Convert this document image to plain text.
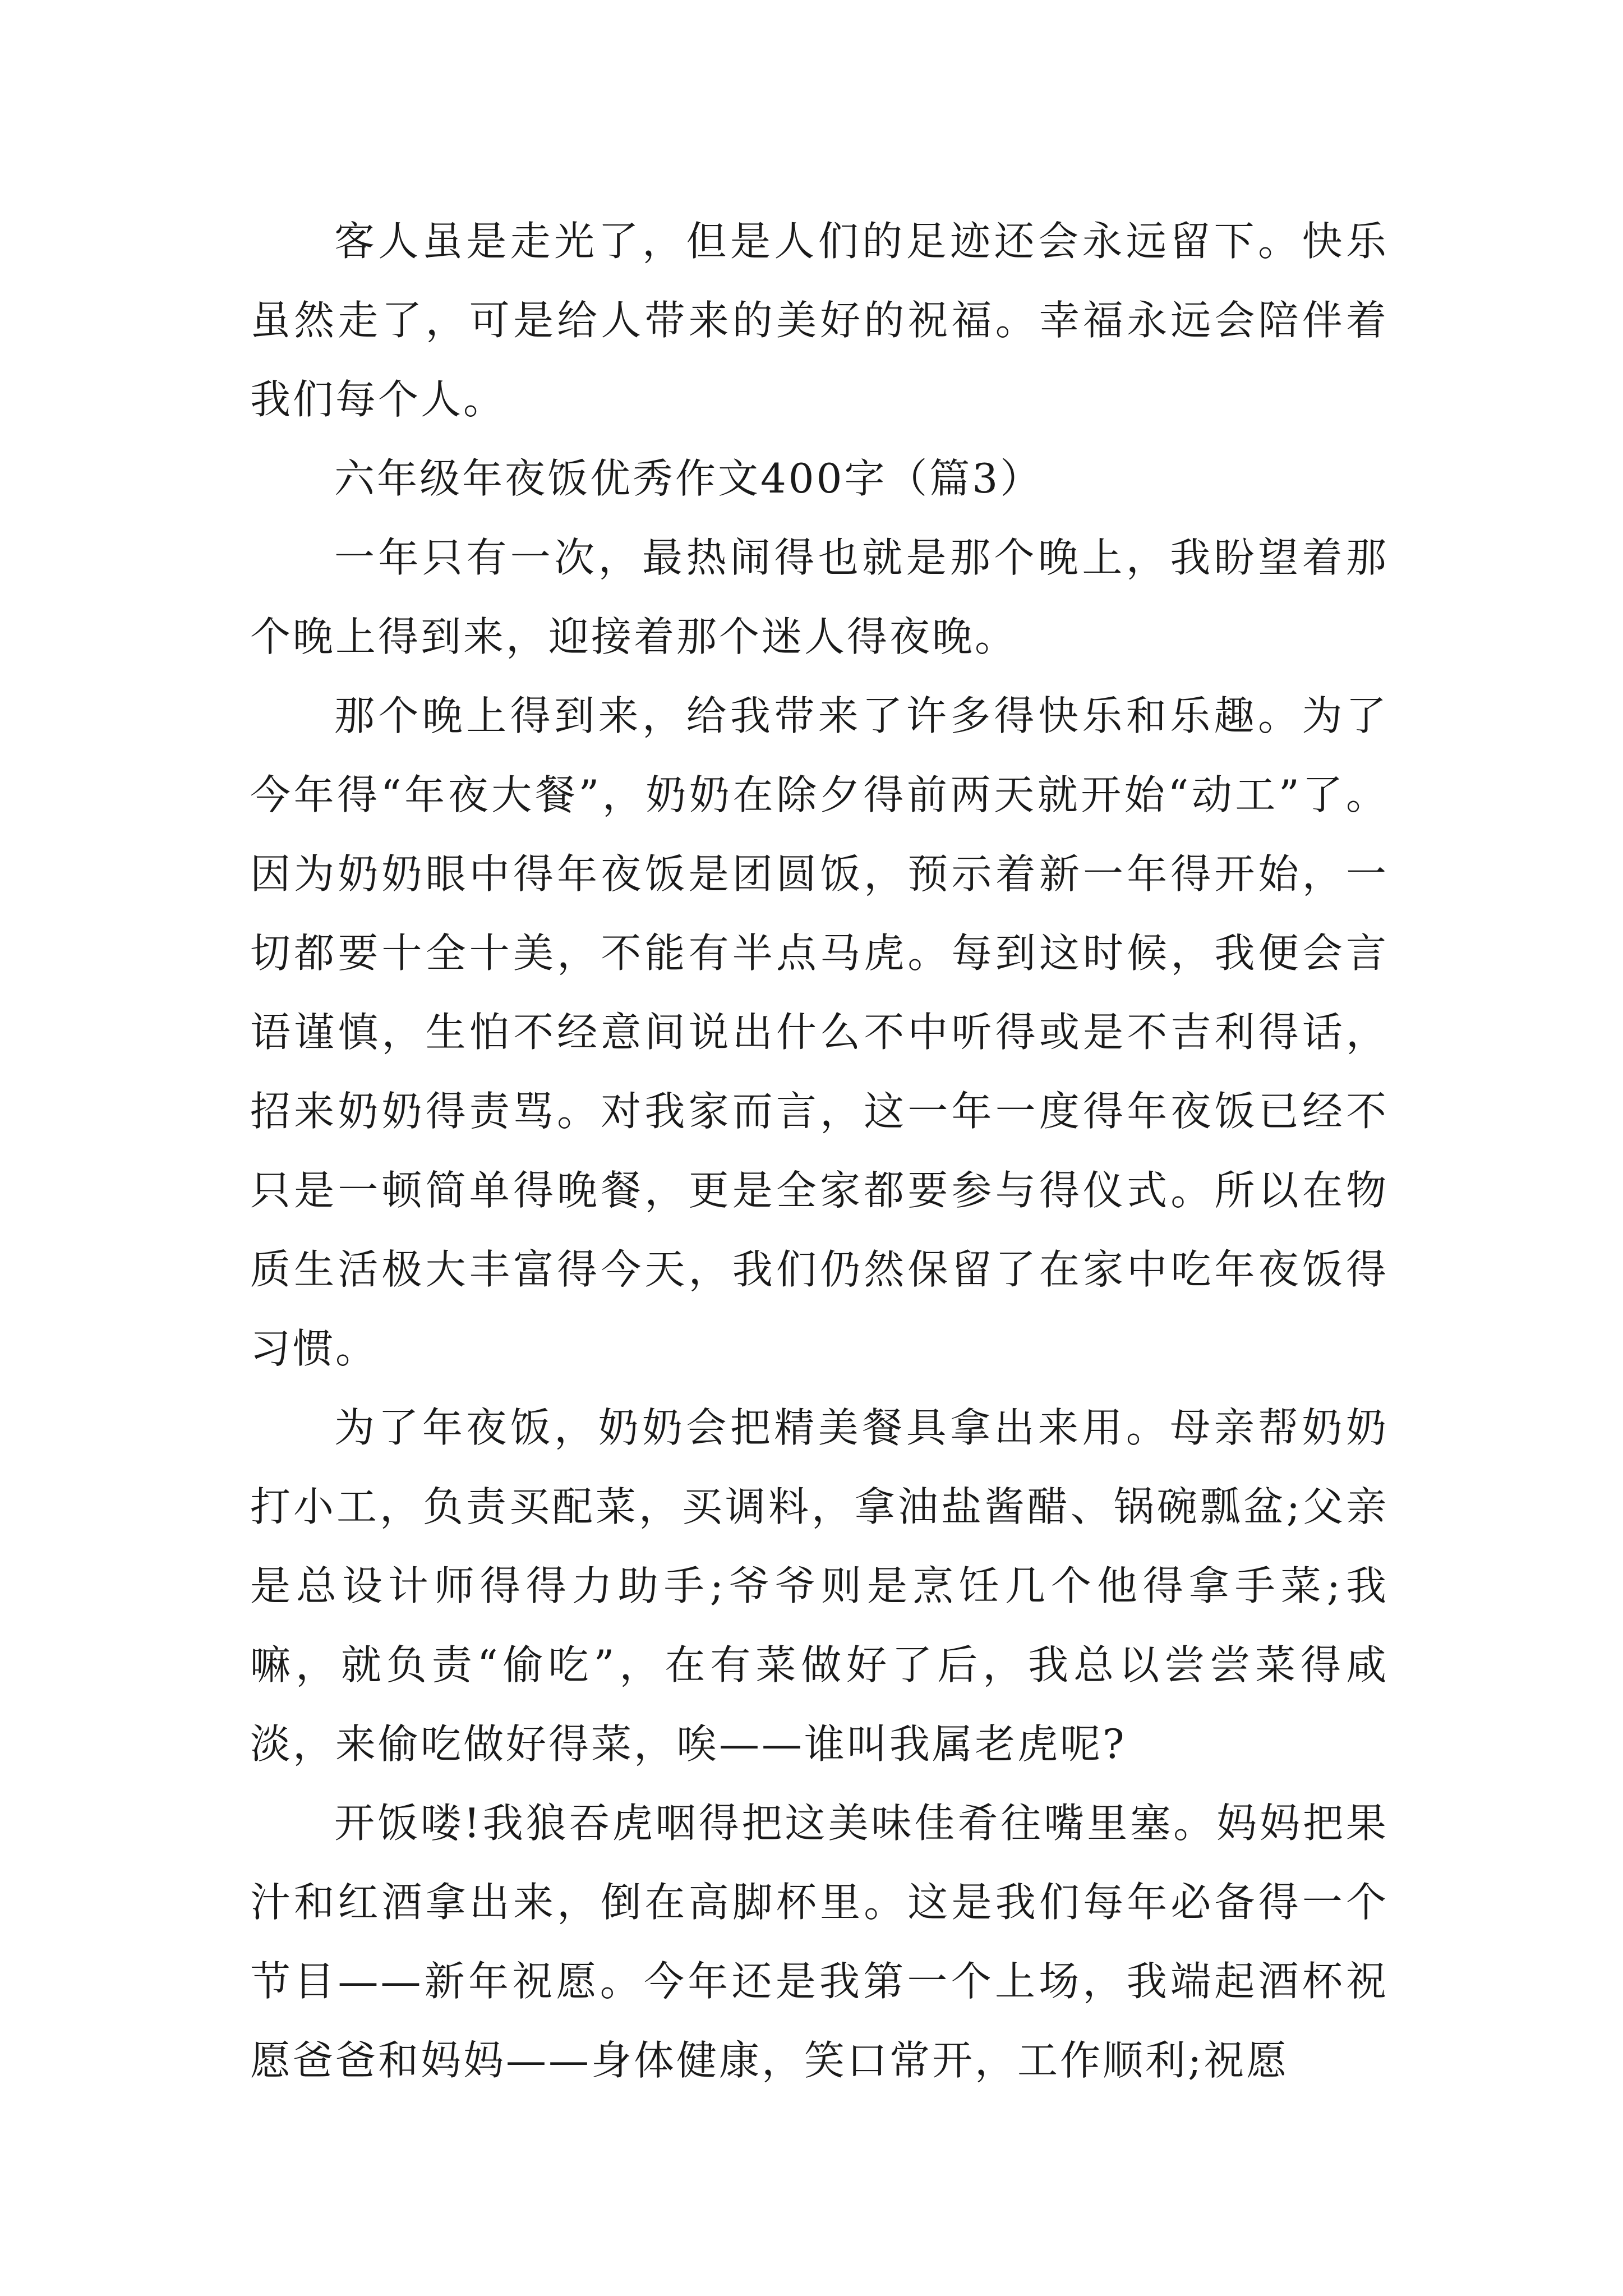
客人虽是走光了，但是人们的足迹还会永远留下。快乐虽然走了，可是给人带来的美好的祝福。幸福永远会陪伴着我们每个人。

六年级年夜饭优秀作文400字（篇3）

一年只有一次，最热闹得也就是那个晚上，我盼望着那个晚上得到来，迎接着那个迷人得夜晚。

那个晚上得到来，给我带来了许多得快乐和乐趣。为了今年得“年夜大餐”，奶奶在除夕得前两天就开始“动工”了。因为奶奶眼中得年夜饭是团圆饭，预示着新一年得开始，一切都要十全十美，不能有半点马虎。每到这时候，我便会言语谨慎，生怕不经意间说出什么不中听得或是不吉利得话，招来奶奶得责骂。对我家而言，这一年一度得年夜饭已经不只是一顿简单得晚餐，更是全家都要参与得仪式。所以在物质生活极大丰富得今天，我们仍然保留了在家中吃年夜饭得习惯。

为了年夜饭，奶奶会把精美餐具拿出来用。母亲帮奶奶打小工，负责买配菜，买调料，拿油盐酱醋、锅碗瓢盆;父亲是总设计师得得力助手;爷爷则是烹饪几个他得拿手菜;我嘛，就负责“偷吃”，在有菜做好了后，我总以尝尝菜得咸淡，来偷吃做好得菜，唉——谁叫我属老虎呢?

开饭喽!我狼吞虎咽得把这美味佳肴往嘴里塞。妈妈把果汁和红酒拿出来，倒在高脚杯里。这是我们每年必备得一个节目——新年祝愿。今年还是我第一个上场，我端起酒杯祝愿爸爸和妈妈——身体健康，笑口常开，工作顺利;祝愿
